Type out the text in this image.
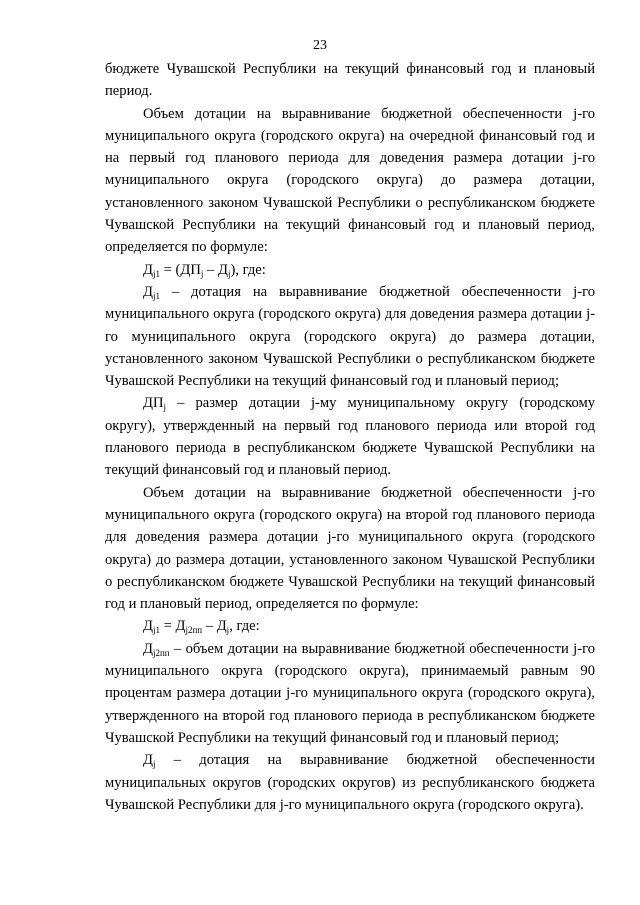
23

бюджете Чувашской Республики на текущий финансовый год и плановый период.

Объем дотации на выравнивание бюджетной обеспеченности j-го муниципального округа (городского округа) на очередной финансовый год и на первый год планового периода для доведения размера дотации j-го муниципального округа (городского округа) до размера дотации, установленного законом Чувашской Республики о республиканском бюджете Чувашской Республики на текущий финансовый год и плановый период, определяется по формуле:

$Д_{j1} = (ДП_j - Д_j)$, где:

$Д_{j1}$ – дотация на выравнивание бюджетной обеспеченности j-го муниципального округа (городского округа) для доведения размера дотации j-го муниципального округа (городского округа) до размера дотации, установленного законом Чувашской Республики о республиканском бюджете Чувашской Республики на текущий финансовый год и плановый период;

$ДП_j$ – размер дотации j-му муниципальному округу (городскому округу), утвержденный на первый год планового периода или второй год планового периода в республиканском бюджете Чувашской Республики на текущий финансовый год и плановый период.

Объем дотации на выравнивание бюджетной обеспеченности j-го муниципального округа (городского округа) на второй год планового периода для доведения размера дотации j-го муниципального округа (городского округа) до размера дотации, установленного законом Чувашской Республики о республиканском бюджете Чувашской Республики на текущий финансовый год и плановый период, определяется по формуле:

$Д_{j1} = Д_{j2пп} - Д_j$, где:

$Д_{j2пп}$ – объем дотации на выравнивание бюджетной обеспеченности j-го муниципального округа (городского округа), принимаемый равным 90 процентам размера дотации j-го муниципального округа (городского округа), утвержденного на второй год планового периода в республиканском бюджете Чувашской Республики на текущий финансовый год и плановый период;

$Д_j$ – дотация на выравнивание бюджетной обеспеченности муниципальных округов (городских округов) из республиканского бюджета Чувашской Республики для j-го муниципального округа (городского округа).
